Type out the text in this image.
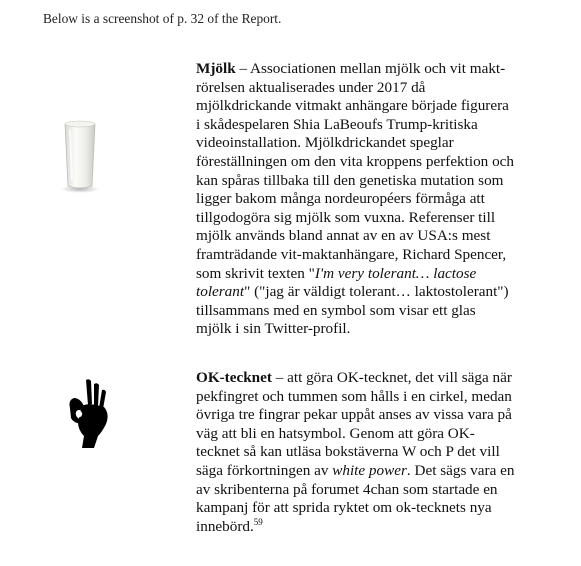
Below is a screenshot of p. 32 of the Report.
Mjölk – Associationen mellan mjölk och vit makt-
rörelsen aktualiserades under 2017 då
mjölkdrickande vitmakt anhängare började figurera
i skådespelaren Shia LaBeoufs Trump-kritiska
videoinstallation. Mjölkdrickandet speglar
föreställningen om den vita kroppens perfektion och
kan spåras tillbaka till den genetiska mutation som
ligger bakom många nordeuropéers förmåga att
tillgodogöra sig mjölk som vuxna. Referenser till
mjölk används bland annat av en av USA:s mest
framträdande vit-maktanhängare, Richard Spencer,
som skrivit texten "I'm very tolerant… lactose
tolerant" ("jag är väldigt tolerant… laktostolerant")
tillsammans med en symbol som visar ett glas
mjölk i sin Twitter-profil.
OK-tecknet – att göra OK-tecknet, det vill säga när
pekfingret och tummen som hålls i en cirkel, medan
övriga tre fingrar pekar uppåt anses av vissa vara på
väg att bli en hatsymbol. Genom att göra OK-
tecknet så kan utläsa bokstäverna W och P det vill
säga förkortningen av white power. Det sägs vara en
av skribenterna på forumet 4chan som startade en
kampanj för att sprida ryktet om ok-tecknets nya
innebörd.$^{59}$
